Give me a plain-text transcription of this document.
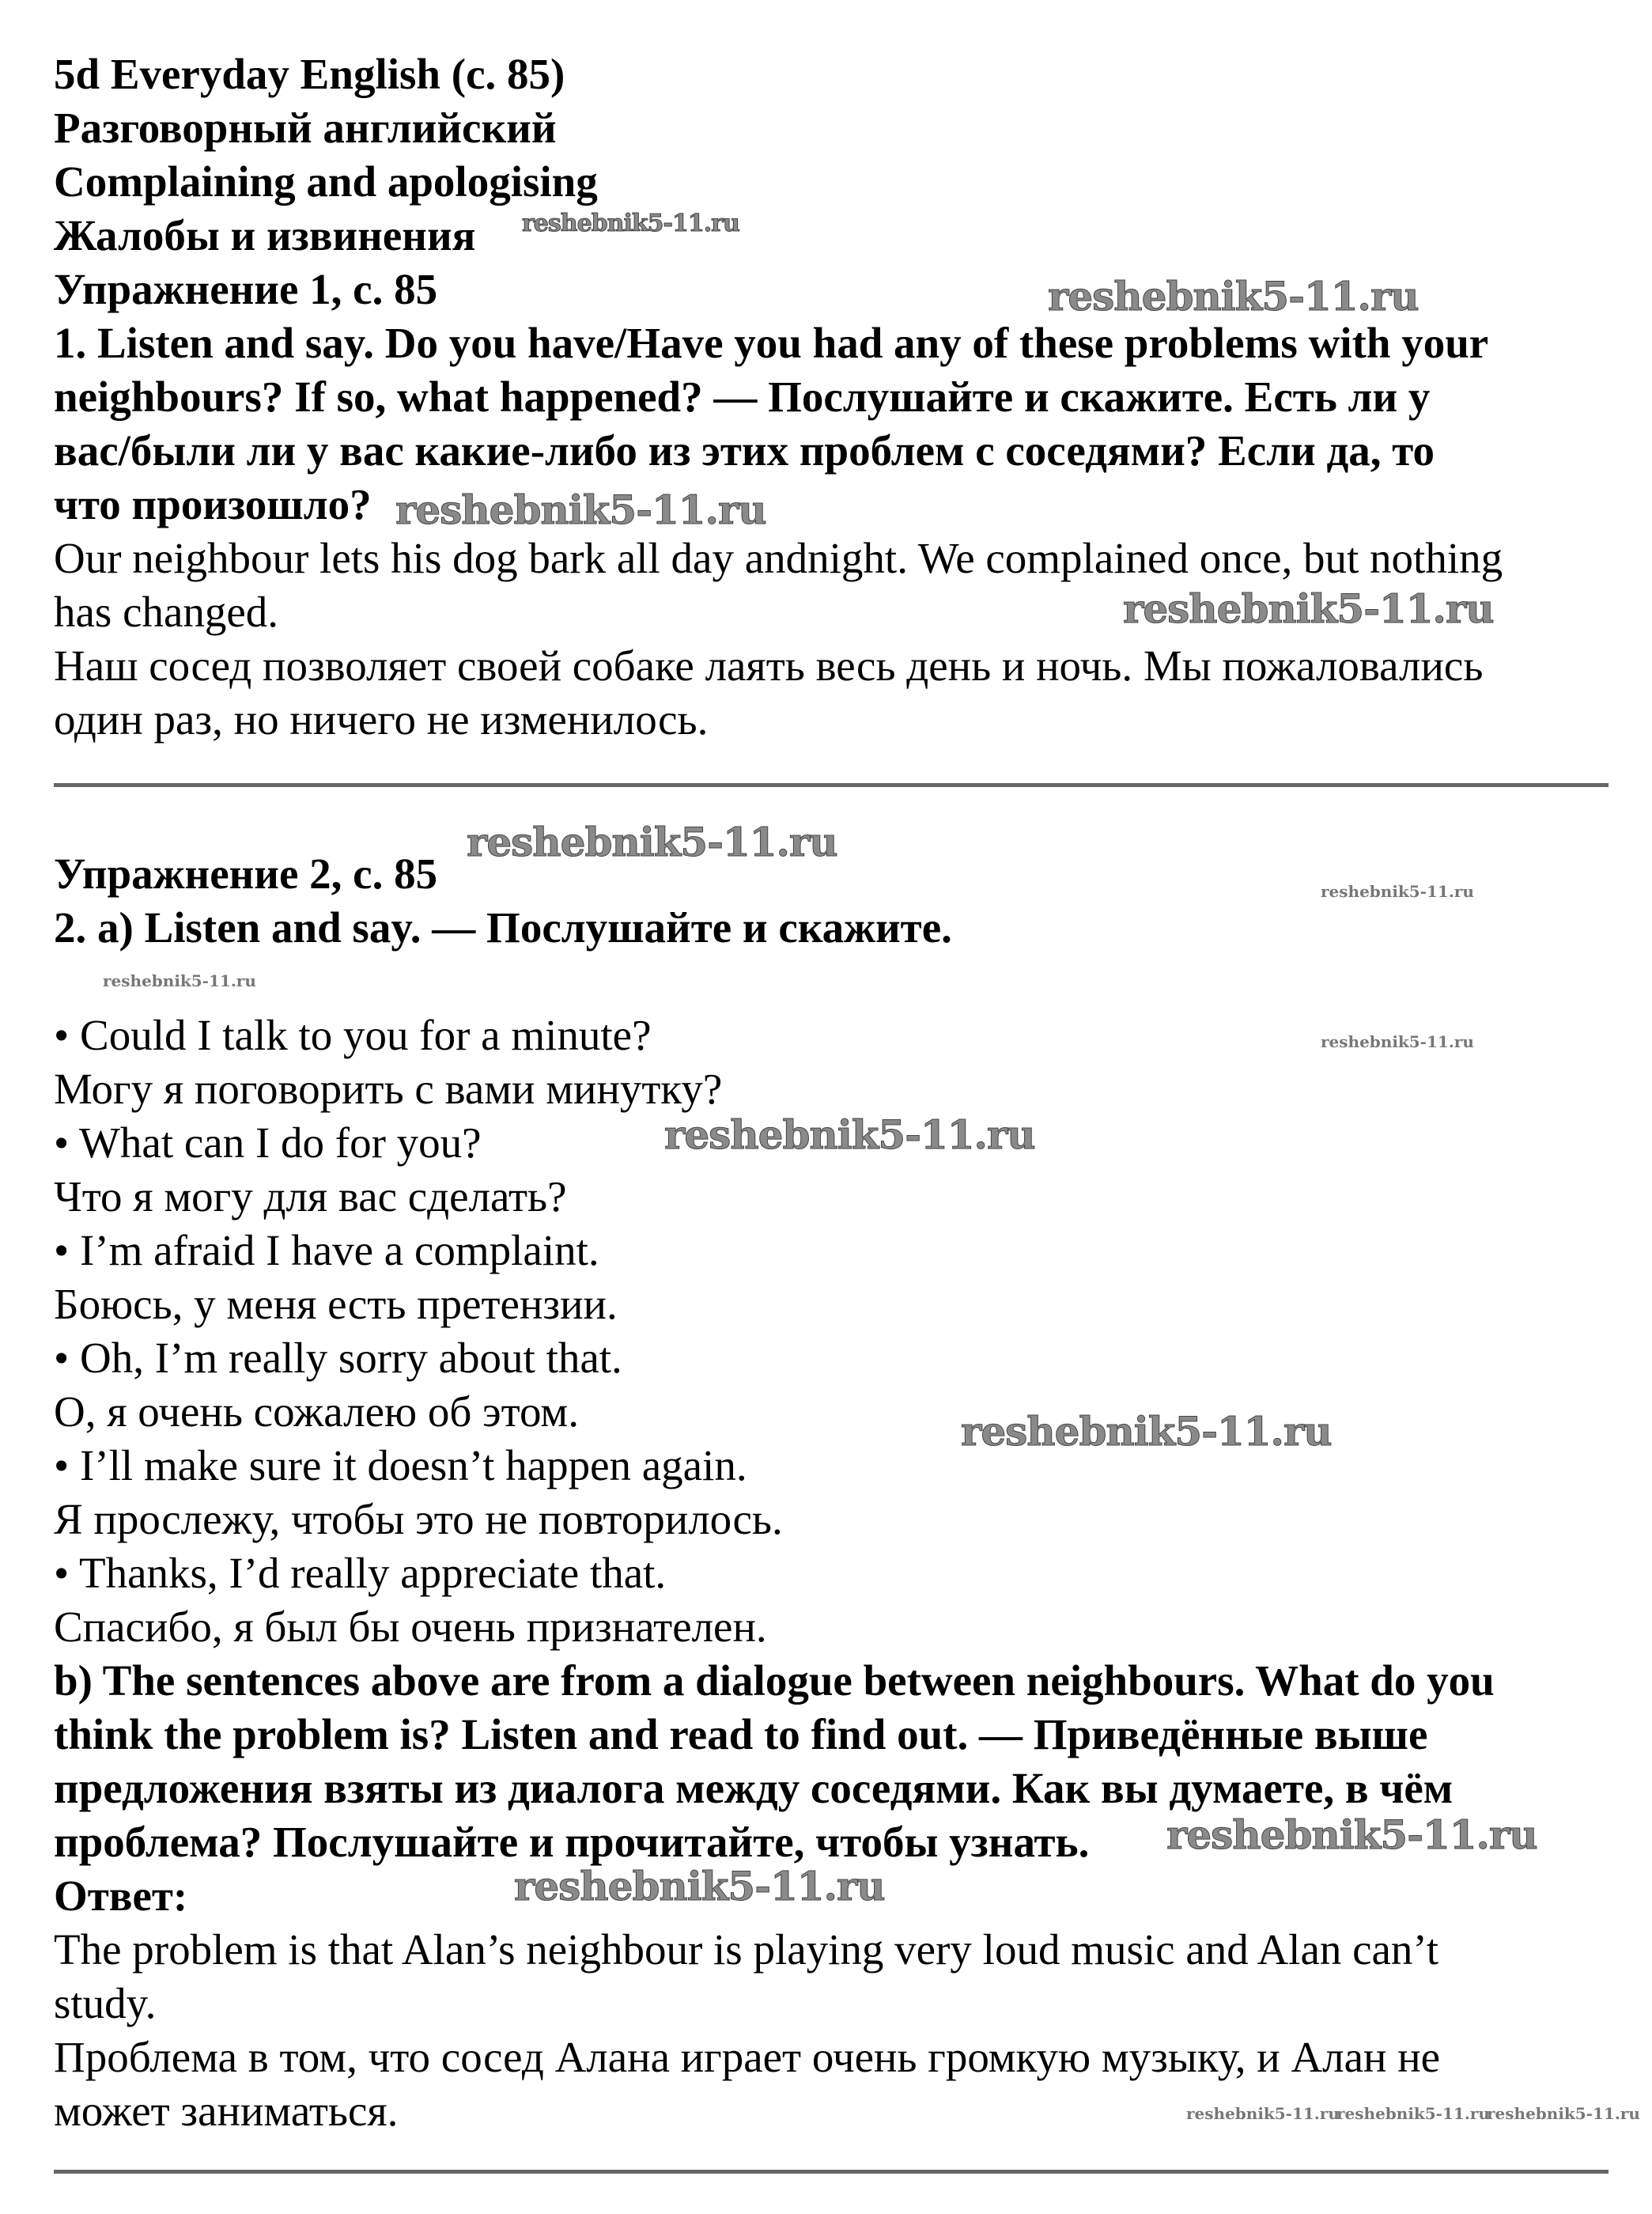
5d Everyday English (с. 85)
Разговорный английский
Complaining and apologising
Жалобы и извинения
Упражнение 1, с. 85
1. Listen and say. Do you have/Have you had any of these problems with your
neighbours? If so, what happened? — Послушайте и скажите. Есть ли у
вас/были ли у вас какие-либо из этих проблем с соседями? Если да, то
что произошло?
Our neighbour lets his dog bark all day andnight. We complained once, but nothing
has changed.
Наш сосед позволяет своей собаке лаять весь день и ночь. Мы пожаловались
один раз, но ничего не изменилось.
Упражнение 2, с. 85
2. a) Listen and say. — Послушайте и скажите.
• Could I talk to you for a minute?
Могу я поговорить с вами минутку?
• What can I do for you?
Что я могу для вас сделать?
• I’m afraid I have a complaint.
Боюсь, у меня есть претензии.
• Oh, I’m really sorry about that.
О, я очень сожалею об этом.
• I’ll make sure it doesn’t happen again.
Я прослежу, чтобы это не повторилось.
• Thanks, I’d really appreciate that.
Спасибо, я был бы очень признателен.
b) The sentences above are from a dialogue between neighbours. What do you
think the problem is? Listen and read to find out. — Приведённые выше
предложения взяты из диалога между соседями. Как вы думаете, в чём
проблема? Послушайте и прочитайте, чтобы узнать.
Ответ:
The problem is that Alan’s neighbour is playing very loud music and Alan can’t
study.
Проблема в том, что сосед Алана играет очень громкую музыку, и Алан не
может заниматься.
reshebnik5-11.ru
reshebnik5-11.ru
reshebnik5-11.ru
reshebnik5-11.ru
reshebnik5-11.ru
reshebnik5-11.ru
reshebnik5-11.ru
reshebnik5-11.ru
reshebnik5-11.ru
reshebnik5-11.ru
reshebnik5-11.ru
reshebnik5-11.ru
reshebnik5-11.ru
reshebnik5-11.ru
reshebnik5-11.ru
